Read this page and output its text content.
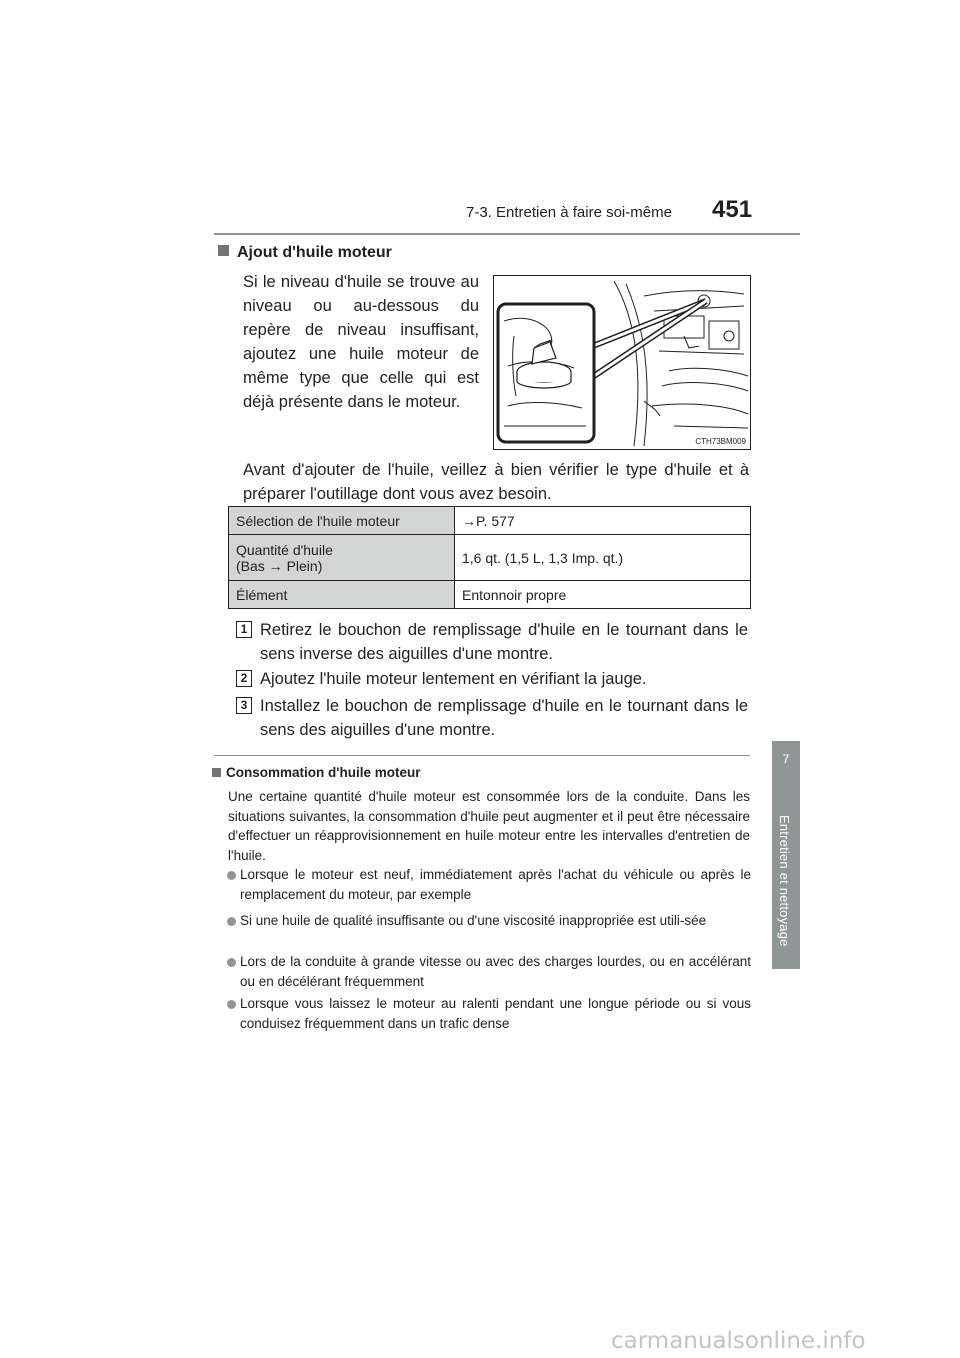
7-3. Entretien à faire soi-même 451
7
Entretien et nettoyage
Ajout d'huile moteur
Si le niveau d'huile se trouve au niveau ou au-dessous du repère de niveau insuffisant, ajoutez une huile moteur de même type que celle qui est déjà présente dans le moteur.
CTH73BM009
Avant d'ajouter de l'huile, veillez à bien vérifier le type d'huile et à préparer l'outillage dont vous avez besoin.
Sélection de l'huile moteur	→P. 577

Quantité d'huile
(Bas → Plein)	1,6 qt. (1,5 L, 1,3 Imp. qt.)
Élément	Entonnoir propre
1 Retirez le bouchon de remplissage d'huile en le tournant dans le sens inverse des aiguilles d'une montre.
2 Ajoutez l'huile moteur lentement en vérifiant la jauge.
3 Installez le bouchon de remplissage d'huile en le tournant dans le sens des aiguilles d'une montre.
Consommation d'huile moteur
Une certaine quantité d'huile moteur est consommée lors de la conduite. Dans les situations suivantes, la consommation d'huile peut augmenter et il peut être nécessaire d'effectuer un réapprovisionnement en huile moteur entre les intervalles d'entretien de l'huile.
Lorsque le moteur est neuf, immédiatement après l'achat du véhicule ou après le remplacement du moteur, par exemple
Si une huile de qualité insuffisante ou d'une viscosité inappropriée est utili-sée
Lors de la conduite à grande vitesse ou avec des charges lourdes, ou en accélérant ou en décélérant fréquemment
Lorsque vous laissez le moteur au ralenti pendant une longue période ou si vous conduisez fréquemment dans un trafic dense
carmanualsonline.info
